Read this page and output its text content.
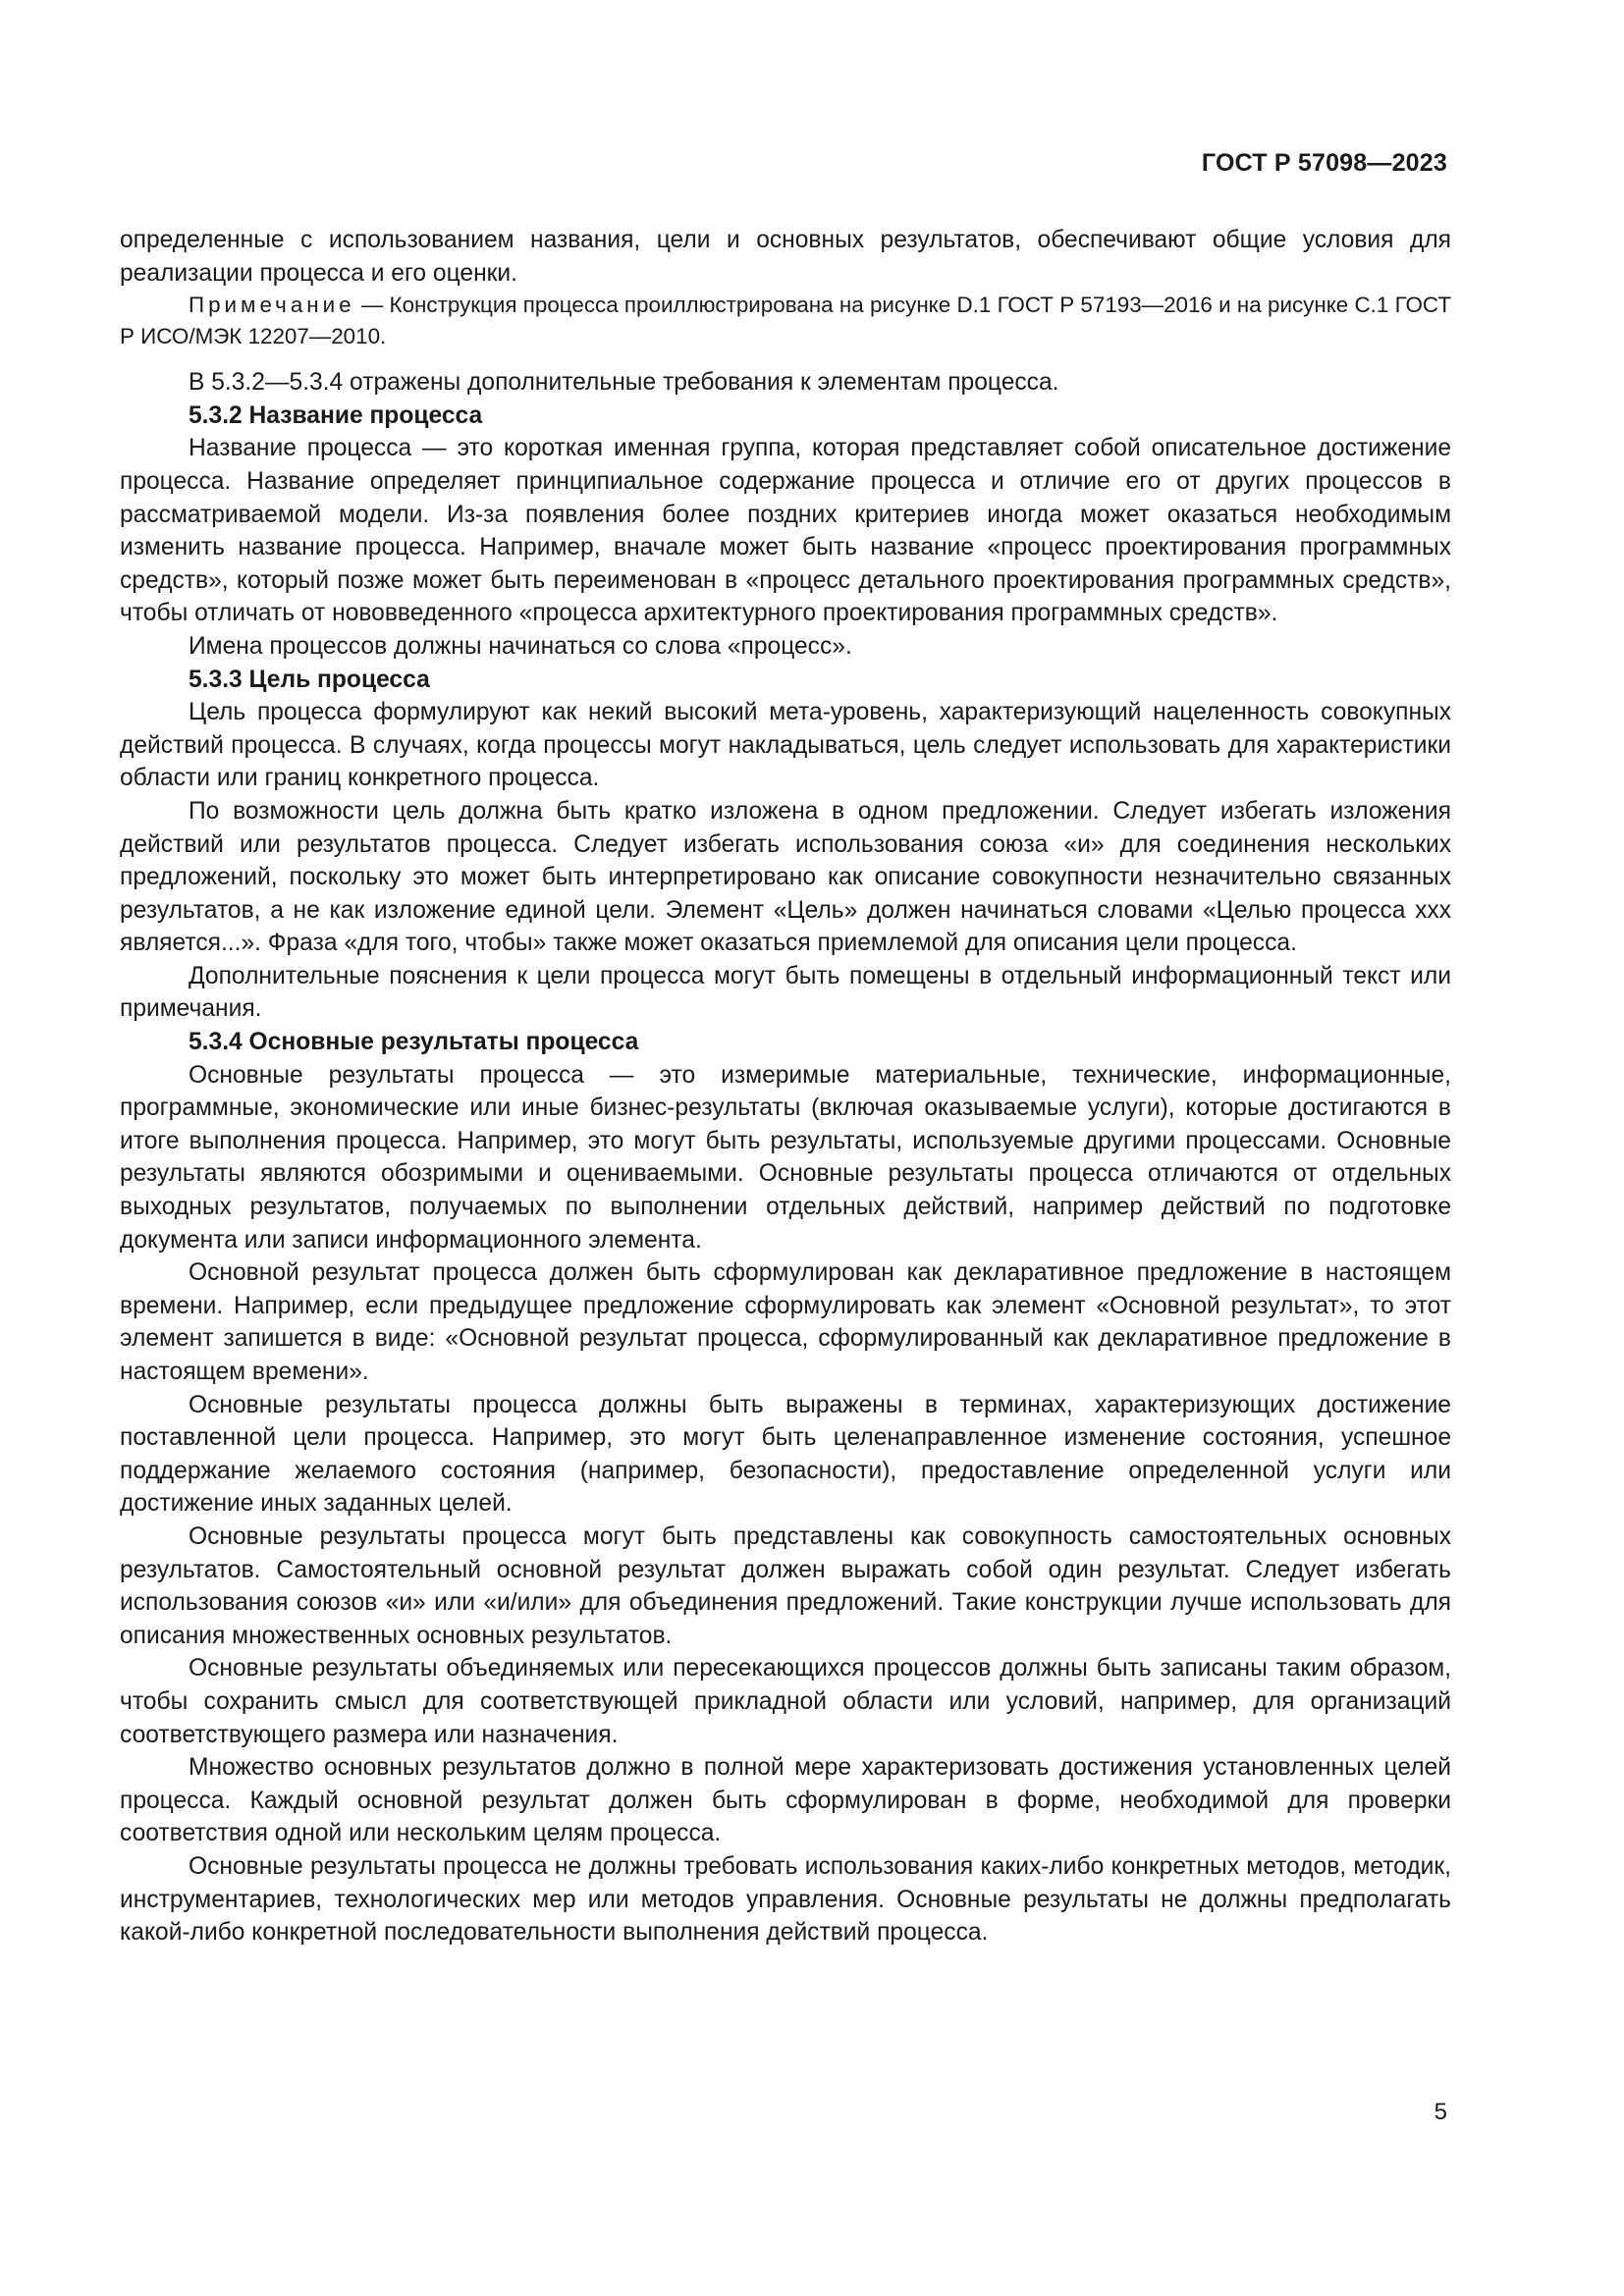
ГОСТ Р 57098—2023

определенные с использованием названия, цели и основных результатов, обеспечивают общие условия для реализации процесса и его оценки.

Примечание — Конструкция процесса проиллюстрирована на рисунке D.1 ГОСТ Р 57193—2016 и на рисунке С.1 ГОСТ Р ИСО/МЭК 12207—2010.

В 5.3.2—5.3.4 отражены дополнительные требования к элементам процесса.

5.3.2 Название процесса

Название процесса — это короткая именная группа, которая представляет собой описательное достижение процесса. Название определяет принципиальное содержание процесса и отличие его от других процессов в рассматриваемой модели. Из-за появления более поздних критериев иногда может оказаться необходимым изменить название процесса. Например, вначале может быть название «процесс проектирования программных средств», который позже может быть переименован в «процесс детального проектирования программных средств», чтобы отличать от нововведенного «процесса архитектурного проектирования программных средств».

Имена процессов должны начинаться со слова «процесс».

5.3.3 Цель процесса

Цель процесса формулируют как некий высокий мета-уровень, характеризующий нацеленность совокупных действий процесса. В случаях, когда процессы могут накладываться, цель следует использовать для характеристики области или границ конкретного процесса.

По возможности цель должна быть кратко изложена в одном предложении. Следует избегать изложения действий или результатов процесса. Следует избегать использования союза «и» для соединения нескольких предложений, поскольку это может быть интерпретировано как описание совокупности незначительно связанных результатов, а не как изложение единой цели. Элемент «Цель» должен начинаться словами «Целью процесса ххх является...». Фраза «для того, чтобы» также может оказаться приемлемой для описания цели процесса.

Дополнительные пояснения к цели процесса могут быть помещены в отдельный информационный текст или примечания.

5.3.4 Основные результаты процесса

Основные результаты процесса — это измеримые материальные, технические, информационные, программные, экономические или иные бизнес-результаты (включая оказываемые услуги), которые достигаются в итоге выполнения процесса. Например, это могут быть результаты, используемые другими процессами. Основные результаты являются обозримыми и оцениваемыми. Основные результаты процесса отличаются от отдельных выходных результатов, получаемых по выполнении отдельных действий, например действий по подготовке документа или записи информационного элемента.

Основной результат процесса должен быть сформулирован как декларативное предложение в настоящем времени. Например, если предыдущее предложение сформулировать как элемент «Основной результат», то этот элемент запишется в виде: «Основной результат процесса, сформулированный как декларативное предложение в настоящем времени».

Основные результаты процесса должны быть выражены в терминах, характеризующих достижение поставленной цели процесса. Например, это могут быть целенаправленное изменение состояния, успешное поддержание желаемого состояния (например, безопасности), предоставление определенной услуги или достижение иных заданных целей.

Основные результаты процесса могут быть представлены как совокупность самостоятельных основных результатов. Самостоятельный основной результат должен выражать собой один результат. Следует избегать использования союзов «и» или «и/или» для объединения предложений. Такие конструкции лучше использовать для описания множественных основных результатов.

Основные результаты объединяемых или пересекающихся процессов должны быть записаны таким образом, чтобы сохранить смысл для соответствующей прикладной области или условий, например, для организаций соответствующего размера или назначения.

Множество основных результатов должно в полной мере характеризовать достижения установленных целей процесса. Каждый основной результат должен быть сформулирован в форме, необходимой для проверки соответствия одной или нескольким целям процесса.

Основные результаты процесса не должны требовать использования каких-либо конкретных методов, методик, инструментариев, технологических мер или методов управления. Основные результаты не должны предполагать какой-либо конкретной последовательности выполнения действий процесса.

5
